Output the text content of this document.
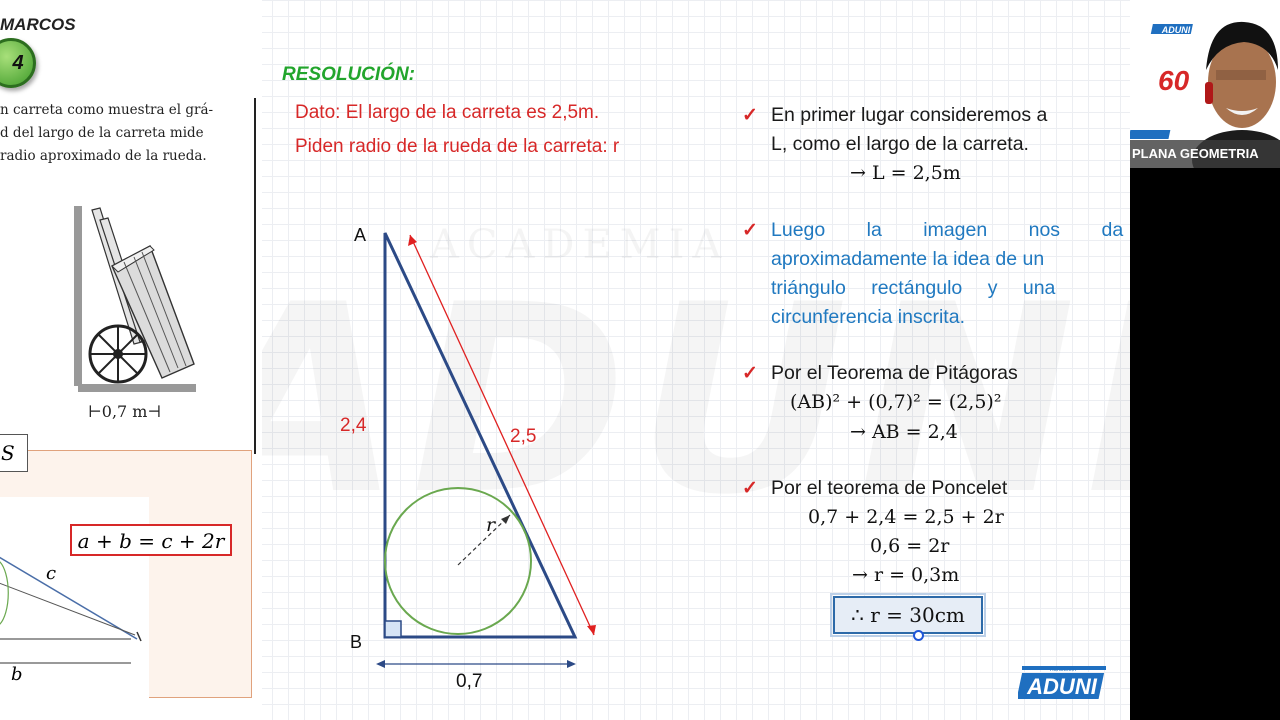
MARCOS
4
n carreta como muestra el grá-
d del largo de la carreta mide
radio aproximado de la rueda.
⊢0,7 m⊣
S
a + b = c + 2r
c
b
RESOLUCIÓN:
Dato: El largo de la carreta es 2,5m.
Piden radio de la rueda de la carreta: r
A
B
2,4
2,5
0,7
r
✓ En primer lugar consideremos a
L, como el largo de la carreta.
→ L = 2,5m
✓ Luego la imagen nos da
aproximadamente la idea de un
triángulo rectángulo y una
circunferencia inscrita.
✓ Por el Teorema de Pitágoras
(AB)² + (0,7)² = (2,5)²
→ AB = 2,4
✓ Por el teorema de Poncelet
0,7 + 2,4 = 2,5 + 2r
0,6 = 2r
→ r = 0,3m
∴ r = 30cm
ACADEMIA
ADUNI
ADUNI
60
PLANA GEOMETRIA
